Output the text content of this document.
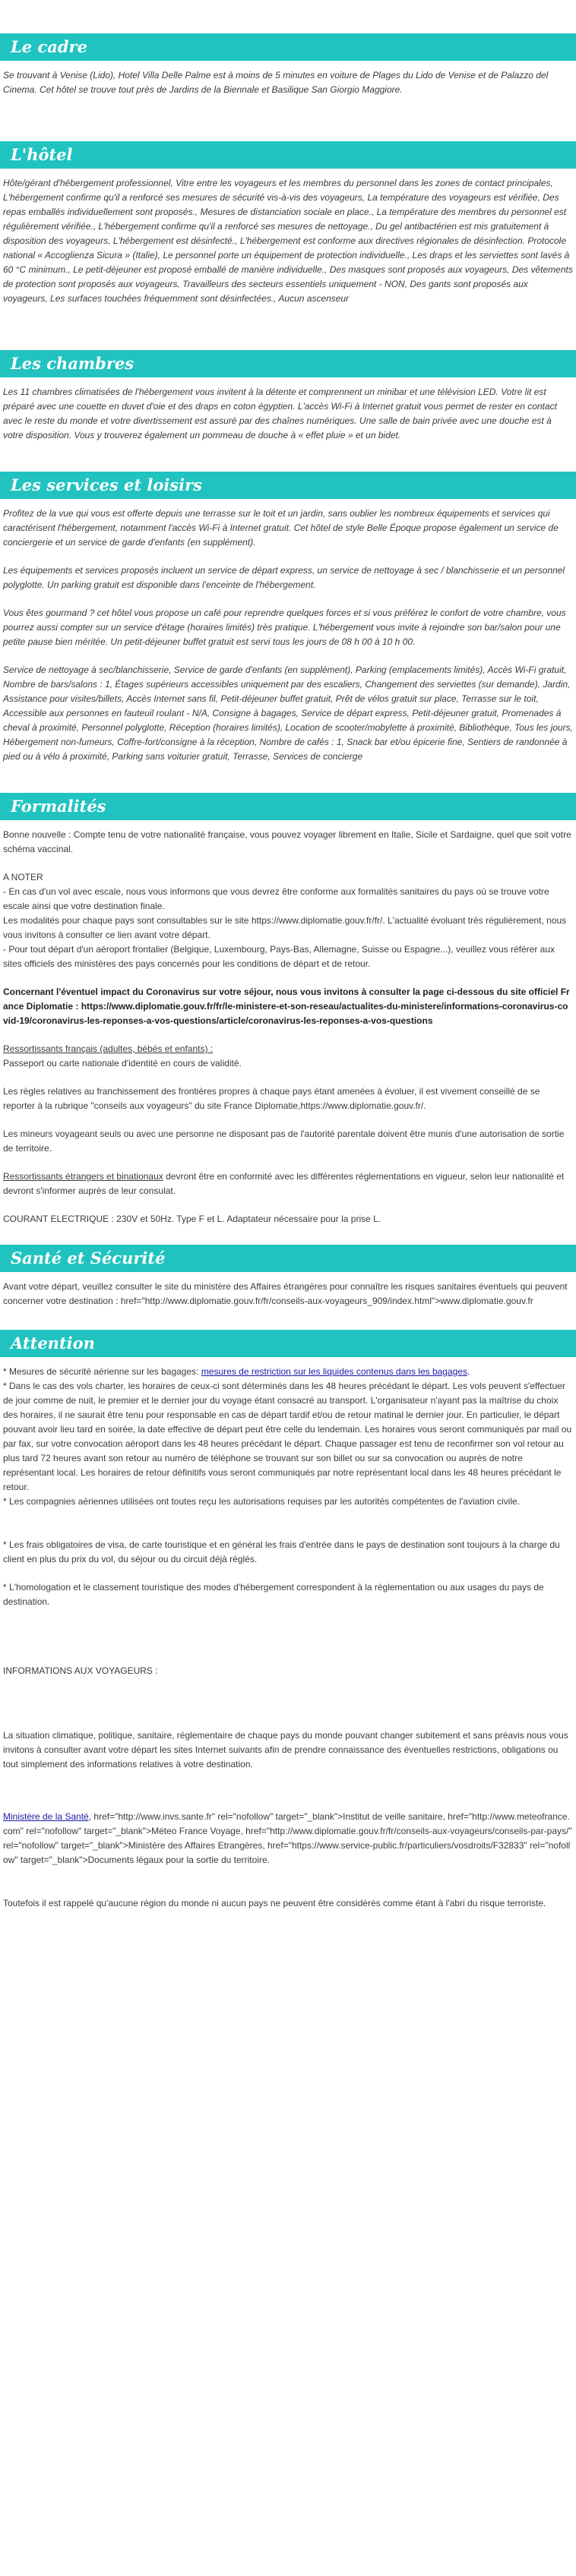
Le cadre

Se trouvant à Venise (Lido), Hotel Villa Delle Palme est à moins de 5 minutes en voiture de Plages du Lido de Venise et de Palazzo del Cinema. Cet hôtel se trouve tout près de Jardins de la Biennale et Basilique San Giorgio Maggiore.

L'hôtel

Hôte/gérant d'hébergement professionnel, Vitre entre les voyageurs et les membres du personnel dans les zones de contact principales, L'hébergement confirme qu'il a renforcé ses mesures de sécurité vis-à-vis des voyageurs, La température des voyageurs est vérifiée, Des repas emballés individuellement sont proposés., Mesures de distanciation sociale en place., La température des membres du personnel est régulièrement vérifiée., L'hébergement confirme qu'il a renforcé ses mesures de nettoyage., Du gel antibactérien est mis gratuitement à disposition des voyageurs, L'hébergement est désinfecté., L'hébergement est conforme aux directives régionales de désinfection. Protocole national « Accoglienza Sicura » (Italie), Le personnel porte un équipement de protection individuelle., Les draps et les serviettes sont lavés à 60 °C minimum., Le petit-déjeuner est proposé emballé de manière individuelle., Des masques sont proposés aux voyageurs, Des vêtements de protection sont proposés aux voyageurs, Travailleurs des secteurs essentiels uniquement - NON, Des gants sont proposés aux voyageurs, Les surfaces touchées fréquemment sont désinfectées., Aucun ascenseur

Les chambres

Les 11 chambres climatisées de l'hébergement vous invitent à la détente et comprennent un minibar et une télévision LED. Votre lit est préparé avec une couette en duvet d'oie et des draps en coton égyptien. L'accès Wi-Fi à Internet gratuit vous permet de rester en contact avec le reste du monde et votre divertissement est assuré par des chaînes numériques. Une salle de bain privée avec une douche est à votre disposition. Vous y trouverez également un pommeau de douche à « effet pluie » et un bidet.

Les services et loisirs

Profitez de la vue qui vous est offerte depuis une terrasse sur le toit et un jardin, sans oublier les nombreux équipements et services qui caractérisent l'hébergement, notamment l'accès Wi-Fi à Internet gratuit. Cet hôtel de style Belle Époque propose également un service de conciergerie et un service de garde d'enfants (en supplément).

Les équipements et services proposés incluent un service de départ express, un service de nettoyage à sec / blanchisserie et un personnel polyglotte. Un parking gratuit est disponible dans l'enceinte de l'hébergement.

Vous êtes gourmand ? cet hôtel vous propose un café pour reprendre quelques forces et si vous préférez le confort de votre chambre, vous pourrez aussi compter sur un service d'étage (horaires limités) très pratique. L'hébergement vous invite à rejoindre son bar/salon pour une petite pause bien méritée. Un petit-déjeuner buffet gratuit est servi tous les jours de 08 h 00 à 10 h 00.

Service de nettoyage à sec/blanchisserie, Service de garde d'enfants (en supplément), Parking (emplacements limités), Accès Wi-Fi gratuit, Nombre de bars/salons : 1, Étages supérieurs accessibles uniquement par des escaliers, Changement des serviettes (sur demande), Jardin, Assistance pour visites/billets, Accès Internet sans fil, Petit-déjeuner buffet gratuit, Prêt de vélos gratuit sur place, Terrasse sur le toit, Accessible aux personnes en fauteuil roulant - N/A, Consigne à bagages, Service de départ express, Petit-déjeuner gratuit, Promenades à cheval à proximité, Personnel polyglotte, Réception (horaires limités), Location de scooter/mobylette à proximité, Bibliothèque, Tous les jours, Hébergement non-fumeurs, Coffre-fort/consigne à la réception, Nombre de cafés : 1, Snack bar et/ou épicerie fine, Sentiers de randonnée à pied ou à vélo à proximité, Parking sans voiturier gratuit, Terrasse, Services de concierge

Formalités

Bonne nouvelle : Compte tenu de votre nationalité française, vous pouvez voyager librement en Italie, Sicile et Sardaigne, quel que soit votre schéma vaccinal.

A NOTER
- En cas d'un vol avec escale, nous vous informons que vous devrez être conforme aux formalités sanitaires du pays où se trouve votre escale ainsi que votre destination finale.
Les modalités pour chaque pays sont consultables sur le site https://www.diplomatie.gouv.fr/fr/. L'actualité évoluant très régulièrement, nous vous invitons à consulter ce lien avant votre départ.

- Pour tout départ d'un aéroport frontalier (Belgique, Luxembourg, Pays-Bas, Allemagne, Suisse ou Espagne...), veuillez vous référer aux sites officiels des ministères des pays concernés pour les conditions de départ et de retour.

Concernant l'éventuel impact du Coronavirus sur votre séjour, nous vous invitons à consulter la page ci-dessous du site officiel France Diplomatie : https://www.diplomatie.gouv.fr/fr/le-ministere-et-son-reseau/actualites-du-ministere/informations-coronavirus-covid-19/coronavirus-les-reponses-a-vos-questions/article/coronavirus-les-reponses-a-vos-questions

Ressortissants français (adultes, bébés et enfants) :

Passeport ou carte nationale d'identité en cours de validité.

Les règles relatives au franchissement des frontières propres à chaque pays étant amenées à évoluer, il est vivement conseillé de se reporter à la rubrique "conseils aux voyageurs" du site France Diplomatie,https://www.diplomatie.gouv.fr/.

Les mineurs voyageant seuls ou avec une personne ne disposant pas de l'autorité parentale doivent être munis d'une autorisation de sortie de territoire.

Ressortissants étrangers et binationaux devront être en conformité avec les différentes réglementations en vigueur, selon leur nationalité et devront s'informer auprès de leur consulat.

COURANT ELECTRIQUE : 230V et 50Hz. Type F et L. Adaptateur nécessaire pour la prise L.

Santé et Sécurité

Avant votre départ, veuillez consulter le site du ministère des Affaires étrangères pour connaître les risques sanitaires éventuels qui peuvent concerner votre destination : href="http://www.diplomatie.gouv.fr/fr/conseils-aux-voyageurs_909/index.html">www.diplomatie.gouv.fr

Attention
* Mesures de sécurité aérienne sur les bagages: mesures de restriction sur les liquides contenus dans les bagages.
* Dans le cas des vols charter, les horaires de ceux-ci sont déterminés dans les 48 heures précédant le départ. Les vols peuvent s'effectuer de jour comme de nuit, le premier et le dernier jour du voyage étant consacré au transport. L'organisateur n'ayant pas la maîtrise du choix des horaires, il ne saurait être tenu pour responsable en cas de départ tardif et/ou de retour matinal le dernier jour. En particulier, le départ pouvant avoir lieu tard en soirée, la date effective de départ peut être celle du lendemain. Les horaires vous seront communiqués par mail ou par fax, sur votre convocation aéroport dans les 48 heures précédant le départ. Chaque passager est tenu de reconfirmer son vol retour au plus tard 72 heures avant son retour au numéro de téléphone se trouvant sur son billet ou sur sa convocation ou auprès de notre représentant local. Les horaires de retour définitifs vous seront communiqués par notre représentant local dans les 48 heures précédant le retour.

* Les compagnies aériennes utilisées ont toutes reçu les autorisations requises par les autorités compétentes de l'aviation civile.

* Les frais obligatoires de visa, de carte touristique et en général les frais d'entrée dans le pays de destination sont toujours à la charge du client en plus du prix du vol, du séjour ou du circuit déjà réglés.

* L'homologation et le classement touristique des modes d'hébergement correspondent à la réglementation ou aux usages du pays de destination.

INFORMATIONS AUX VOYAGEURS :

La situation climatique, politique, sanitaire, réglementaire de chaque pays du monde pouvant changer subitement et sans préavis nous vous invitons à consulter avant votre départ les sites Internet suivants afin de prendre connaissance des éventuelles restrictions, obligations ou tout simplement des informations relatives à votre destination.

Ministère de la Santé, href="http://www.invs.sante.fr" rel="nofollow" target="_blank">Institut de veille sanitaire, href="http://www.meteofrance.com" rel="nofollow" target="_blank">Méteo France Voyage, href="http://www.diplomatie.gouv.fr/fr/conseils-aux-voyageurs/conseils-par-pays/" rel="nofollow" target="_blank">Ministère des Affaires Etrangères, href="https://www.service-public.fr/particuliers/vosdroits/F32833" rel="nofollow" target="_blank">Documents légaux pour la sortie du territoire.

Toutefois il est rappelé qu'aucune région du monde ni aucun pays ne peuvent être considérés comme étant à l'abri du risque terroriste.
